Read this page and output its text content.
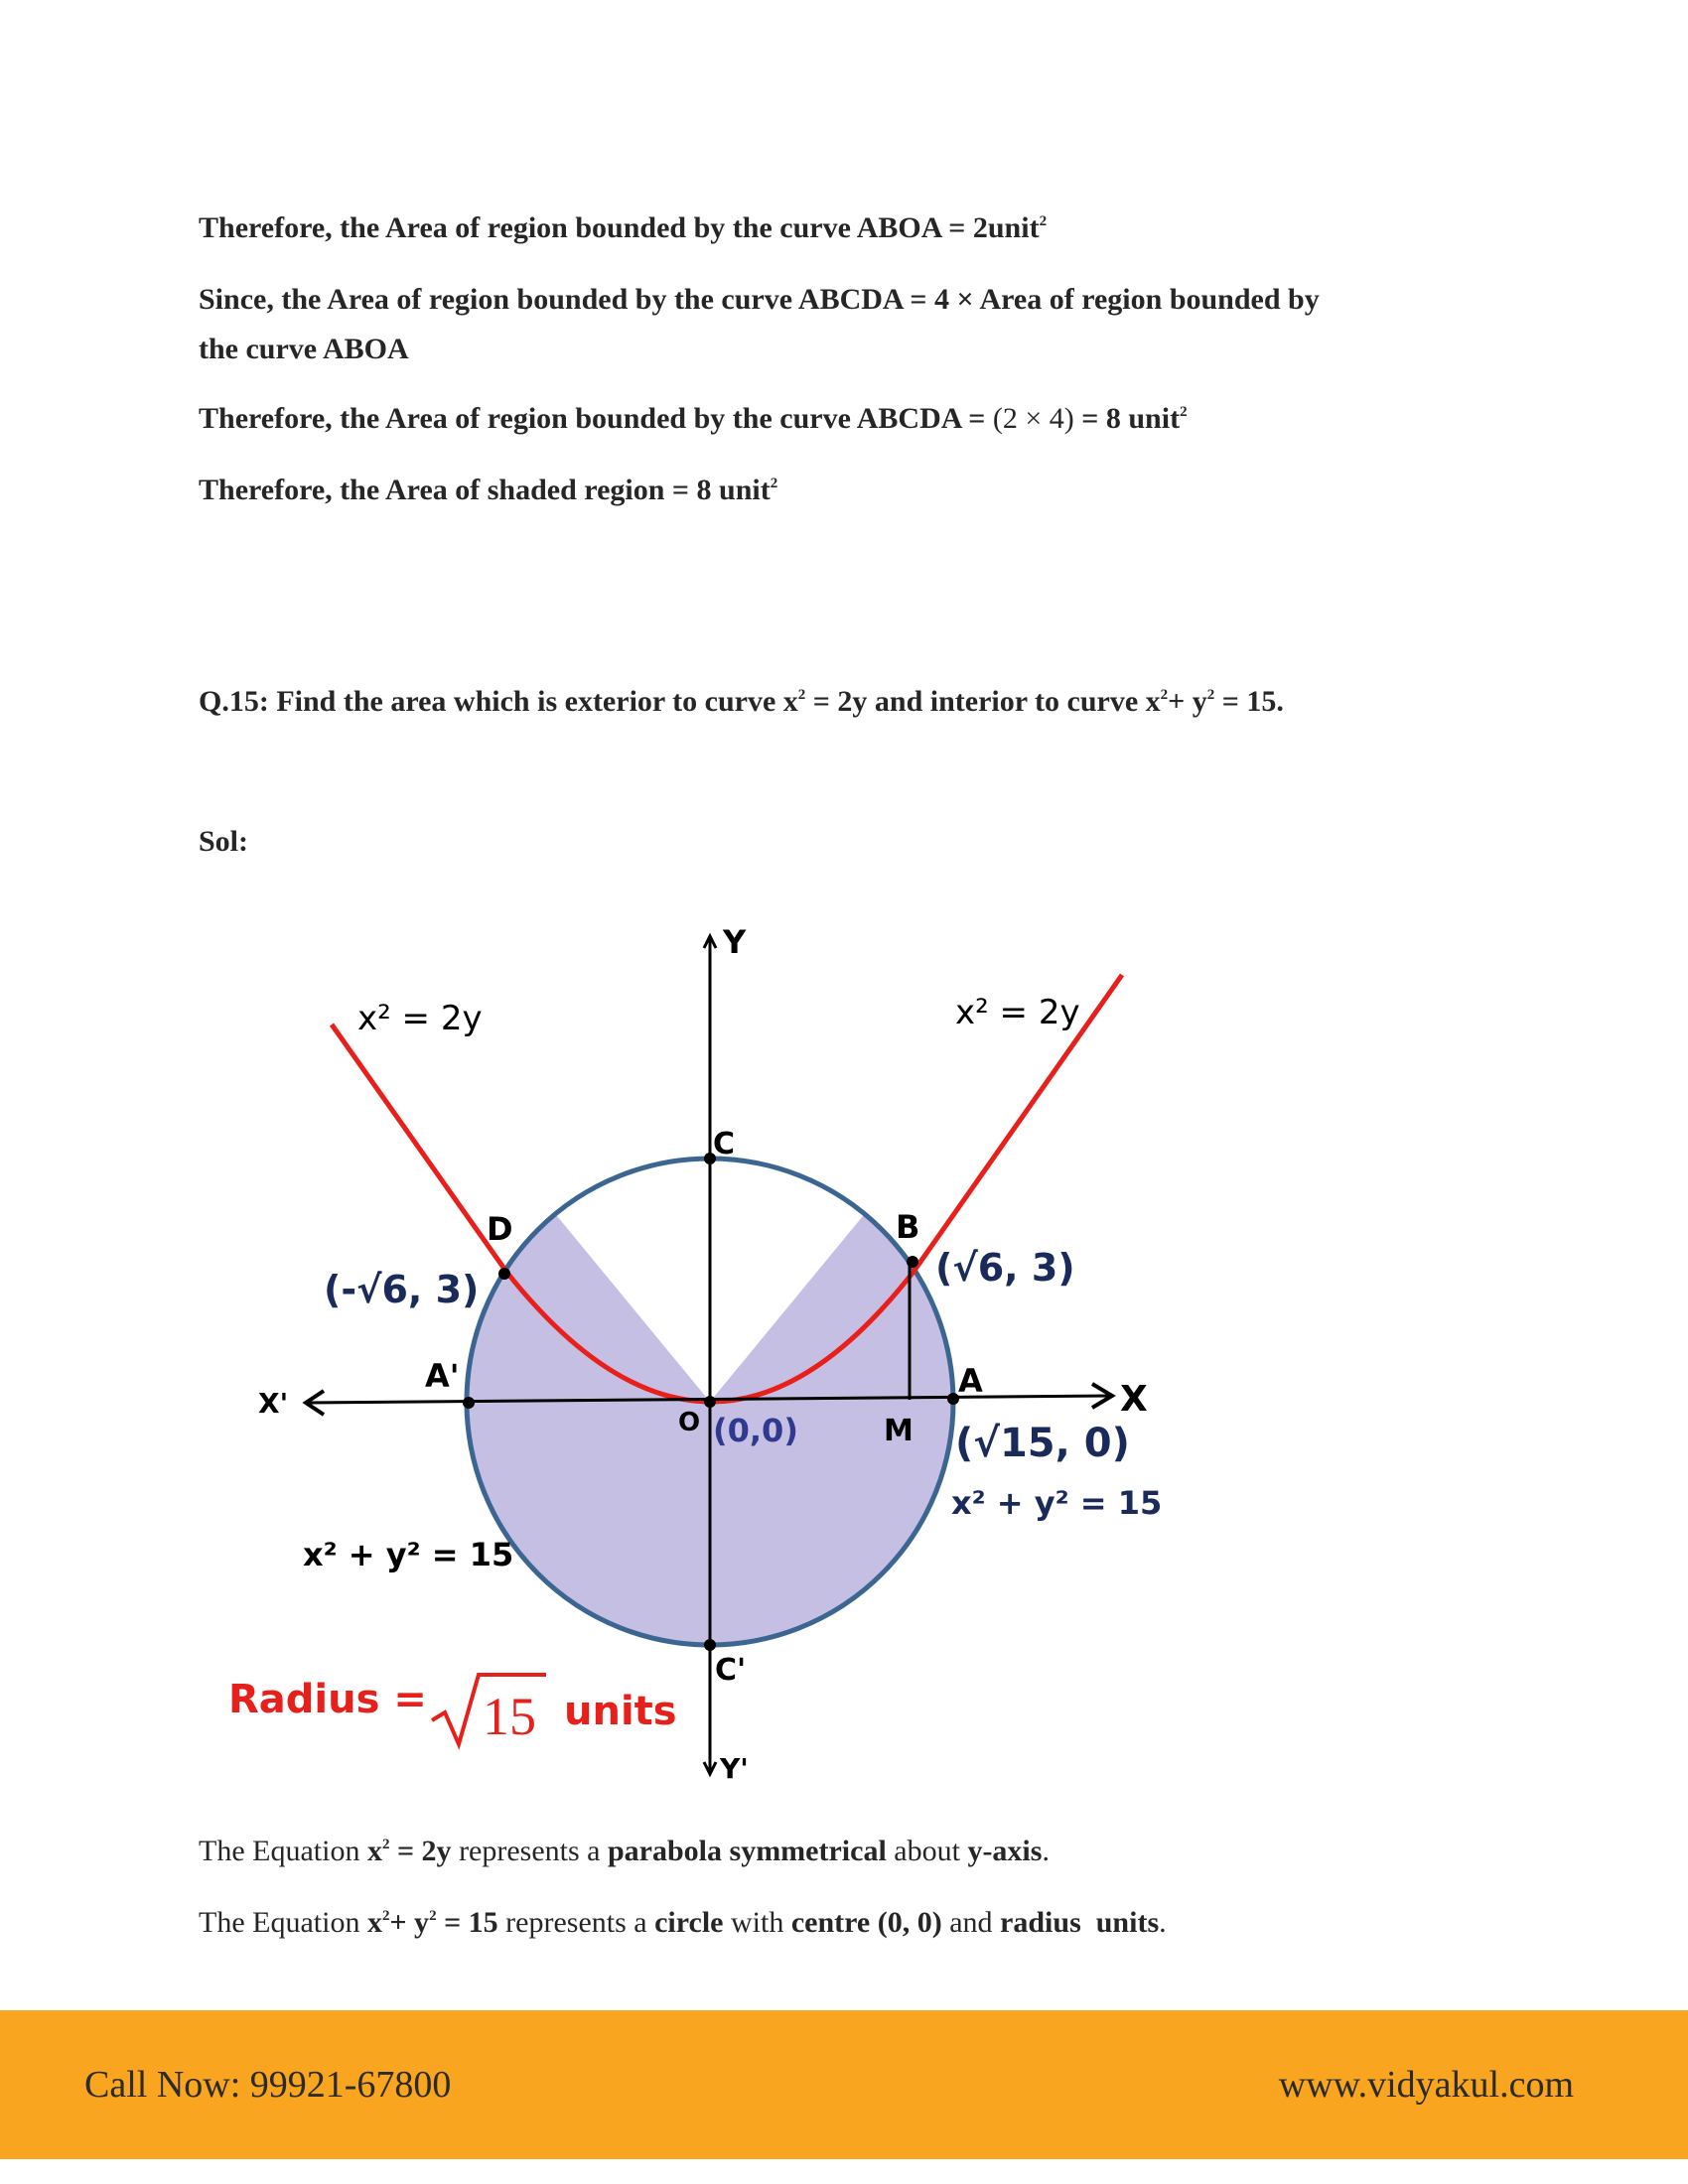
Therefore, the Area of region bounded by the curve ABOA = 2unit$^2$

Since, the Area of region bounded by the curve ABCDA = 4 × Area of region bounded by

the curve ABOA

Therefore, the Area of region bounded by the curve ABCDA = (2 × 4) = 8 unit$^2$

Therefore, the Area of shaded region = 8 unit$^2$

Q.15: Find the area which is exterior to curve $x^2 = 2y$ and interior to curve $x^2+ y^2 = 15$.

Sol:

Y
Y'
X
X'
x² = 2y	x² = 2y
x² + y² = 15
x² + y² = 15
C
C'
D	B
A
A'
O	M
(-√6, 3)	(√6, 3)
(0,0)	(√15, 0)
Radius = 15 units

The Equation $x^2 = 2y$ represents a parabola symmetrical about y-axis.

The Equation $x^2+ y^2 = 15$ represents a circle with centre (0, 0) and radius  units.

Call Now: 99921-67800	www.vidyakul.com
